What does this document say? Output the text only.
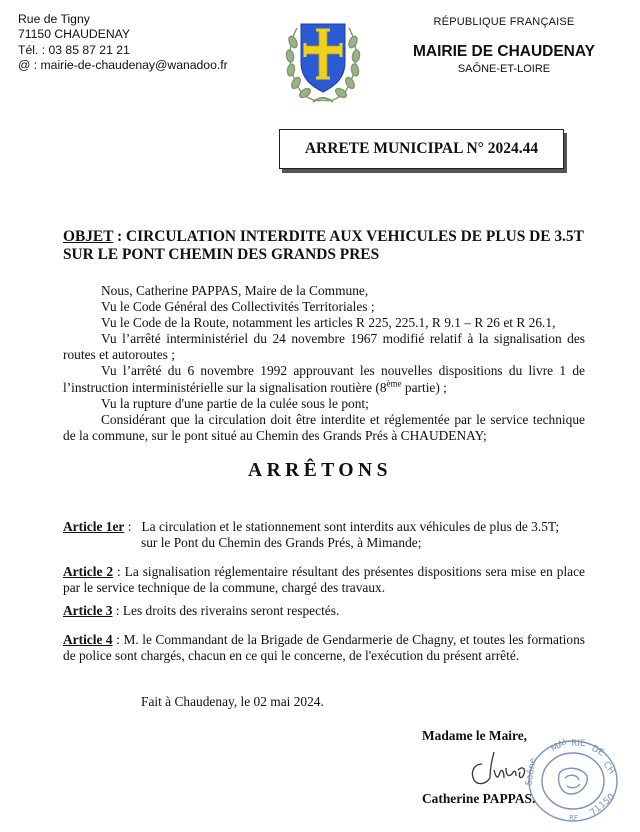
Rue de Tigny
71150 CHAUDENAY
Tél. : 03 85 87 21 21
@ : mairie-de-chaudenay@wanadoo.fr
RÉPUBLIQUE FRANÇAISE
MAIRIE DE CHAUDENAY
SAÔNE-ET-LOIRE
ARRETE MUNICIPAL N° 2024.44
OBJET : CIRCULATION INTERDITE AUX VEHICULES DE PLUS DE 3.5T SUR LE PONT CHEMIN DES GRANDS PRES

Nous, Catherine PAPPAS, Maire de la Commune,

Vu le Code Général des Collectivités Territoriales ;

Vu le Code de la Route, notamment les articles R 225, 225.1, R 9.1 – R 26 et R 26.1,

Vu l’arrêté interministériel du 24 novembre 1967 modifié relatif à la signalisation des routes et autoroutes ;

Vu l’arrêté du 6 novembre 1992 approuvant les nouvelles dispositions du livre 1 de l’instruction interministérielle sur la signalisation routière (8ème partie) ;

Vu la rupture d'une partie de la culée sous le pont;

Considérant que la circulation doit être interdite et réglementée par le service technique de la commune, sur le pont situé au Chemin des Grands Prés à CHAUDENAY;

ARRÊTONS
Article 1er : La circulation et le stationnement sont interdits aux véhicules de plus de 3.5T;
sur le Pont du Chemin des Grands Prés, à Mimande;
Article 2 : La signalisation réglementaire résultant des présentes dispositions sera mise en place par le service technique de la commune, chargé des travaux.
Article 3 : Les droits des riverains seront respectés.
Article 4 : M. le Commandant de la Brigade de Gendarmerie de Chagny, et toutes les formations de police sont chargés, chacun en ce qui le concerne, de l'exécution du présent arrêté.
Fait à Chaudenay, le 02 mai 2024.
Madame le Maire,
MAI RIE DE
CH
Saône
71150
RF
Catherine PAPPAS.
